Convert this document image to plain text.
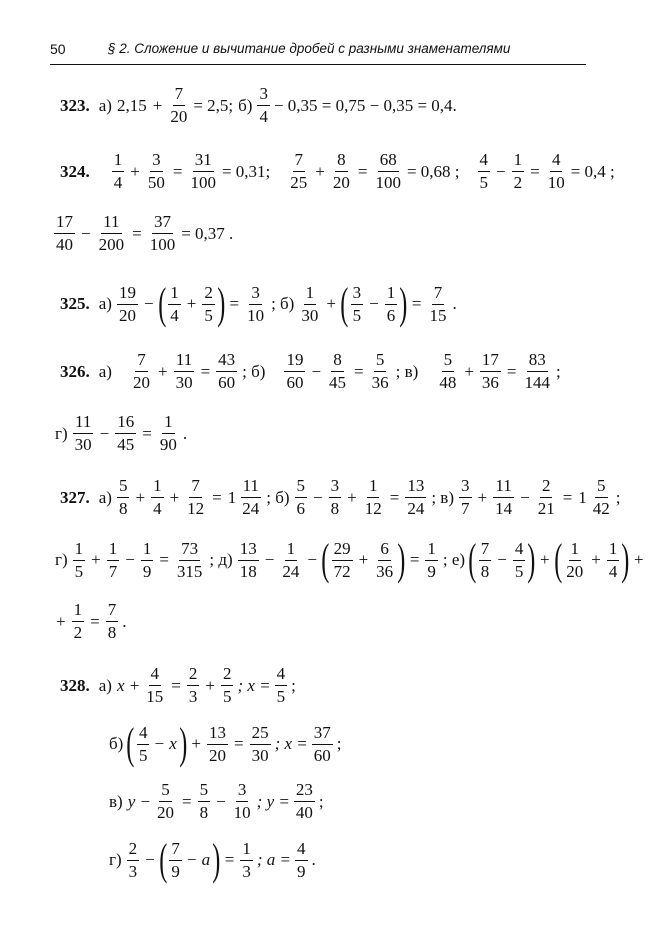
50	§ 2. Сложение и вычитание дробей с разными знаменателями
323. а) $2,15 + \frac{7}{20} = 2,5$; $б) \frac{3}{4} - 0,35 = 0,75 - 0,35 = 0,4$.
324. $\frac{1}{4} + \frac{3}{50} = \frac{31}{100} = 0,31$; $\frac{7}{25} + \frac{8}{20} = \frac{68}{100} = 0,68$ ; $\frac{4}{5} - \frac{1}{2} = \frac{4}{10} = 0,4$ ;
$\frac{17}{40} - \frac{11}{200} = \frac{37}{100} = 0,37$ .
325. $а) \frac{19}{20}$ − ( $\frac{1}{4} + \frac{2}{5}$ ) = $\frac{3}{10}$ ; $б) \frac{1}{30}$ + ( $\frac{3}{5} - \frac{1}{6}$ ) = $\frac{7}{15}$ .
326. $а) \frac{7}{20} + \frac{11}{30} = \frac{43}{60}$ ; $б) \frac{19}{60} - \frac{8}{45} = \frac{5}{36}$ ; $в) \frac{5}{48} + \frac{17}{36} = \frac{83}{144}$ ;
$г) \frac{11}{30} - \frac{16}{45} = \frac{1}{90}$ .
327. $а) \frac{5}{8} + \frac{1}{4} + \frac{7}{12} = 1 \frac{11}{24}$ ; $б) \frac{5}{6} - \frac{3}{8} + \frac{1}{12} = \frac{13}{24}$ ; $в) \frac{3}{7} + \frac{11}{14} - \frac{2}{21} = 1 \frac{5}{42}$ ;
$г) \frac{1}{5} + \frac{1}{7} - \frac{1}{9} = \frac{73}{315}$ ; $д) \frac{13}{18} - \frac{1}{24}$ − ( $\frac{29}{72} + \frac{6}{36}$ ) = $\frac{1}{9}$ ; е) ( $\frac{7}{8} - \frac{4}{5}$ ) + ( $\frac{1}{20} + \frac{1}{4}$ ) +
+ $\frac{1}{2} = \frac{7}{8}$ .
328. а) $x + \frac{4}{15} = \frac{2}{3} + \frac{2}{5}$ ; $x = \frac{4}{5}$ ;
б) ( $\frac{4}{5} - x$ ) + $\frac{13}{20} = \frac{25}{30}$ ; $x = \frac{37}{60}$ ;
в) $y - \frac{5}{20} = \frac{5}{8} - \frac{3}{10}$ ; $y = \frac{23}{40}$ ;
$г) \frac{2}{3}$ − ( $\frac{7}{9} - a$ ) = $\frac{1}{3}$ ; $a = \frac{4}{9}$ .
